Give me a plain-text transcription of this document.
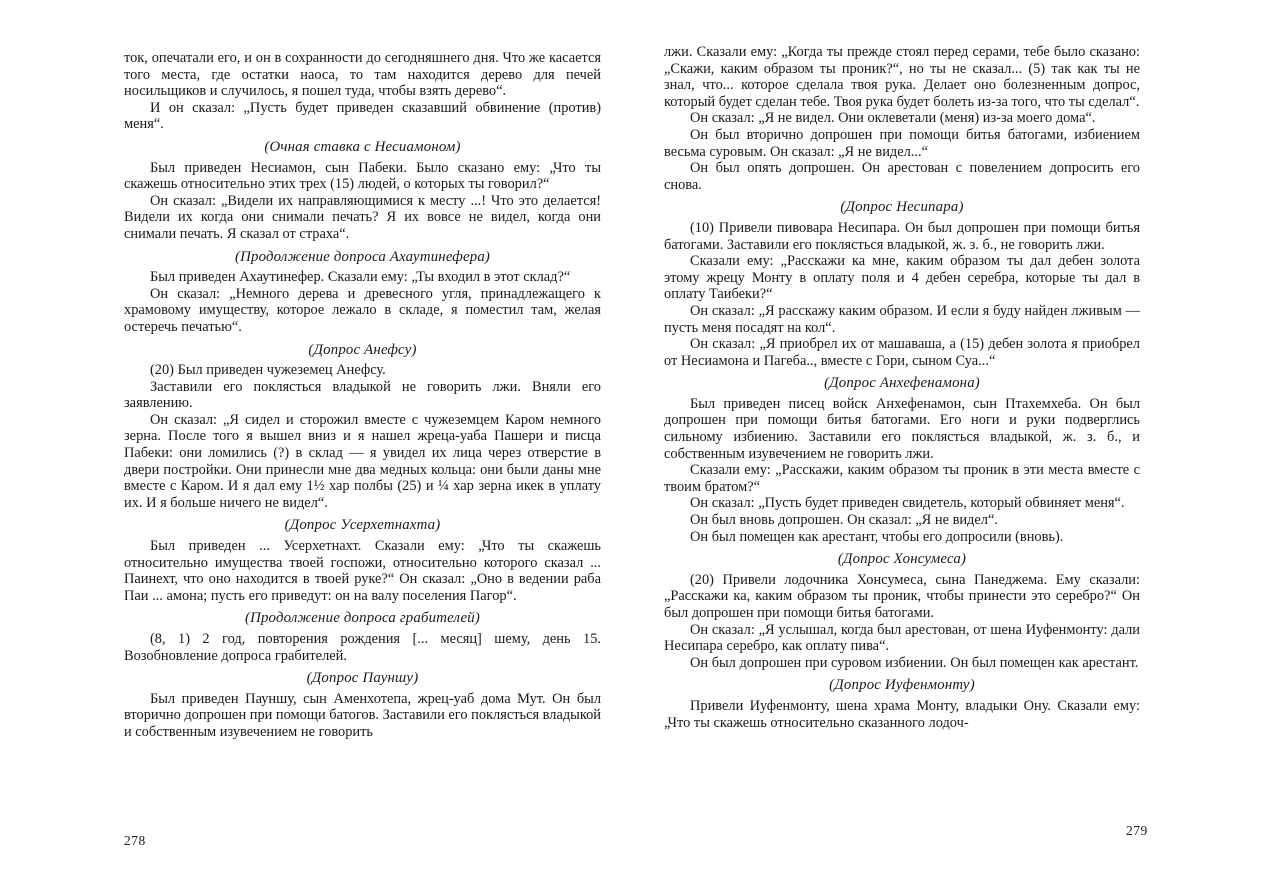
ток, опечатали его, и он в сохранности до сегодняшнего дня. Что же касается того места, где остатки наоса, то там находится дерево для печей носильщиков и случилось, я пошел туда, чтобы взять дерево“.

И он сказал: „Пусть будет приведен сказавший обвинение (против) меня“.

(Очная ставка с Несиамоном)

Был приведен Несиамон, сын Пабеки. Было сказано ему: „Что ты скажешь относительно этих трех (15) людей, о которых ты говорил?“

Он сказал: „Видели их направляющимися к месту ...! Что это делается! Видели их когда они снимали печать? Я их вовсе не видел, когда они снимали печать. Я сказал от страха“.

(Продолжение допроса Ахаутинефера)

Был приведен Ахаутинефер. Сказали ему: „Ты входил в этот склад?“

Он сказал: „Немного дерева и древесного угля, принадлежащего к храмовому имуществу, которое лежало в складе, я поместил там, желая остеречь печатью“.

(Допрос Анефсу)

(20) Был приведен чужеземец Анефсу.

Заставили его поклясться владыкой не говорить лжи. Вняли его заявлению.

Он сказал: „Я сидел и сторожил вместе с чужеземцем Каром немного зерна. После того я вышел вниз и я нашел жреца-уаба Пашери и писца Пабеки: они ломились (?) в склад — я увидел их лица через отверстие в двери постройки. Они принесли мне два медных кольца: они были даны мне вместе с Каром. И я дал ему 1½ хар полбы (25) и ¼ хар зерна икек в уплату их. И я больше ничего не видел“.

(Допрос Усерхетнахта)

Был приведен ... Усерхетнахт. Сказали ему: „Что ты скажешь относительно имущества твоей госпожи, относительно которого сказал ... Паинехт, что оно находится в твоей руке?“ Он сказал: „Оно в ведении раба Паи ... амона; пусть его приведут: он на валу поселения Пагор“.

(Продолжение допроса грабителей)

(8, 1) 2 год, повторения рождения [... месяц] шему, день 15. Возобновление допроса грабителей.

(Допрос Пауншу)

Был приведен Пауншу, сын Аменхотепа, жрец-уаб дома Мут. Он был вторично допрошен при помощи батогов. Заставили его поклясться владыкой и собственным изувечением не говорить

278

лжи. Сказали ему: „Когда ты прежде стоял перед серами, тебе было сказано: „Скажи, каким образом ты проник?“, но ты не сказал... (5) так как ты не знал, что... которое сделала твоя рука. Делает оно болезненным допрос, который будет сделан тебе. Твоя рука будет болеть из-за того, что ты сделал“.

Он сказал: „Я не видел. Они оклеветали (меня) из-за моего дома“.

Он был вторично допрошен при помощи битья батогами, избиением весьма суровым. Он сказал: „Я не видел...“

Он был опять допрошен. Он арестован с повелением допросить его снова.

(Допрос Несипара)

(10) Привели пивовара Несипара. Он был допрошен при помощи битья батогами. Заставили его поклясться владыкой, ж. з. б., не говорить лжи.

Сказали ему: „Расскажи ка мне, каким образом ты дал дебен золота этому жрецу Монту в оплату поля и 4 дебен серебра, которые ты дал в оплату Таибеки?“

Он сказал: „Я расскажу каким образом. И если я буду найден лживым — пусть меня посадят на кол“.

Он сказал: „Я приобрел их от машаваша, а (15) дебен золота я приобрел от Несиамона и Пагеба.., вместе с Гори, сыном Суа...“

(Допрос Анхефенамона)

Был приведен писец войск Анхефенамон, сын Птахемхеба. Он был допрошен при помощи битья батогами. Его ноги и руки подверглись сильному избиению. Заставили его поклясться владыкой, ж. з. б., и собственным изувечением не говорить лжи.

Сказали ему: „Расскажи, каким образом ты проник в эти места вместе с твоим братом?“

Он сказал: „Пусть будет приведен свидетель, который обвиняет меня“.

Он был вновь допрошен. Он сказал: „Я не видел“.

Он был помещен как арестант, чтобы его допросили (вновь).

(Допрос Хонсумеса)

(20) Привели лодочника Хонсумеса, сына Панеджема. Ему сказали: „Расскажи ка, каким образом ты проник, чтобы принести это серебро?“ Он был допрошен при помощи битья батогами.

Он сказал: „Я услышал, когда был арестован, от шена Иуфенмонту: дали Несипара серебро, как оплату пива“.

Он был допрошен при суровом избиении. Он был помещен как арестант.

(Допрос Иуфенмонту)

Привели Иуфенмонту, шена храма Монту, владыки Ону. Сказали ему: „Что ты скажешь относительно сказанного лодоч-

279
